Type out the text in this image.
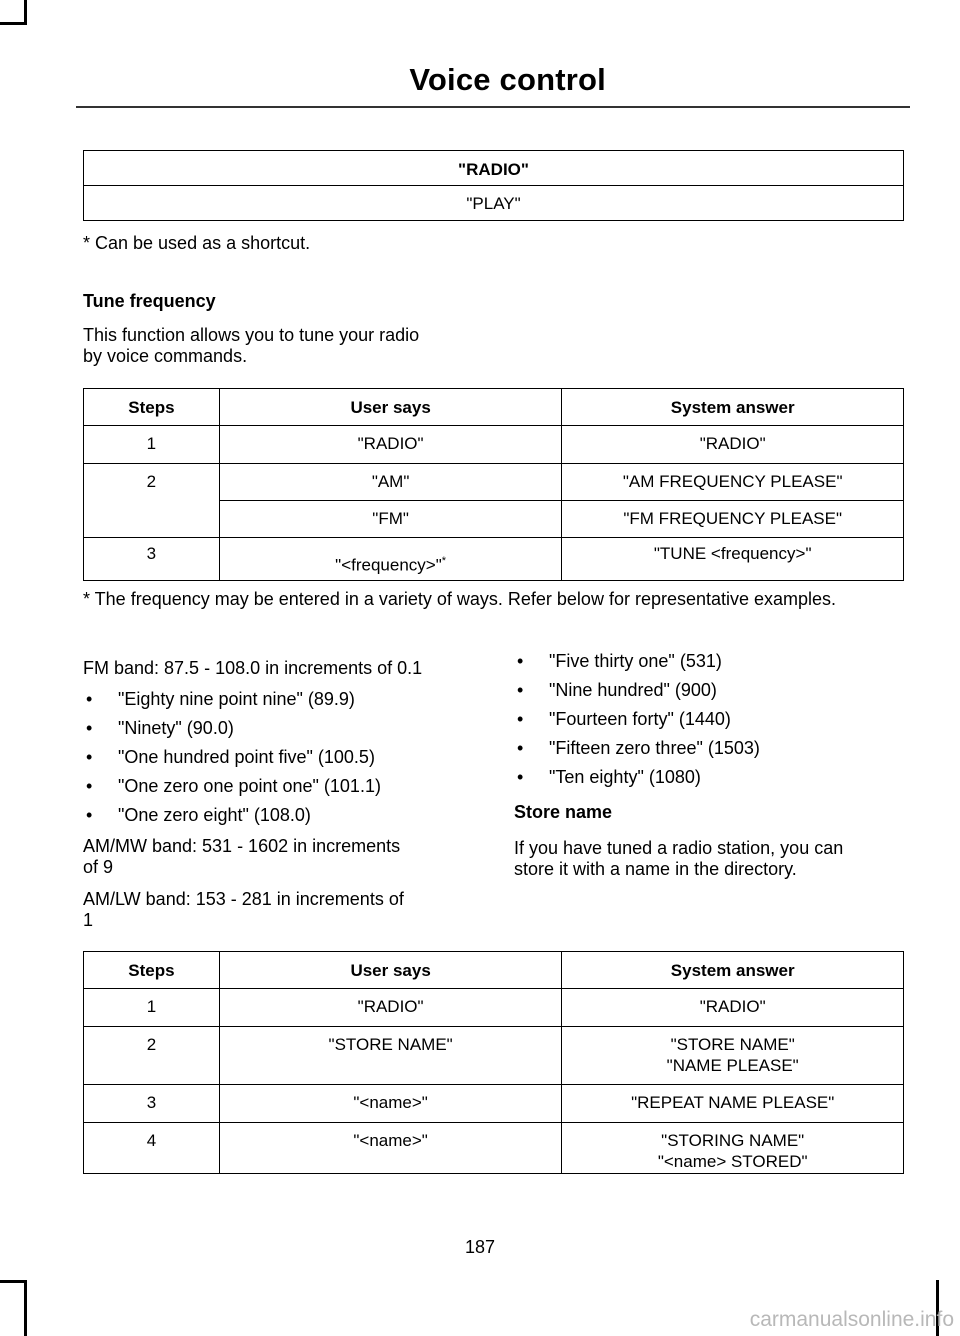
Voice control
"RADIO"
"PLAY"
* Can be used as a shortcut.
Tune frequency
This function allows you to tune your radio
by voice commands.
Steps	User says	System answer
1	"RADIO"	"RADIO"
2	"AM"	"AM FREQUENCY PLEASE"
	"FM"	"FM FREQUENCY PLEASE"
3	"<frequency>"*	"TUNE <frequency>"
* The frequency may be entered in a variety of ways. Refer below for representative examples.
FM band: 87.5 - 108.0 in increments of 0.1
• "Eighty nine point nine" (89.9)
• "Ninety" (90.0)
• "One hundred point five" (100.5)
• "One zero one point one" (101.1)
• "One zero eight" (108.0)
AM/MW band: 531 - 1602 in increments
of 9
AM/LW band: 153 - 281 in increments of
1
• "Five thirty one" (531)
• "Nine hundred" (900)
• "Fourteen forty" (1440)
• "Fifteen zero three" (1503)
• "Ten eighty" (1080)
Store name
If you have tuned a radio station, you can
store it with a name in the directory.
Steps	User says	System answer
1	"RADIO"	"RADIO"
2	"STORE NAME"	"STORE NAME"
"NAME PLEASE"
3	"<name>"	"REPEAT NAME PLEASE"
4	"<name>"	"STORING NAME"
"<name> STORED"
187
carmanualsonline.info
